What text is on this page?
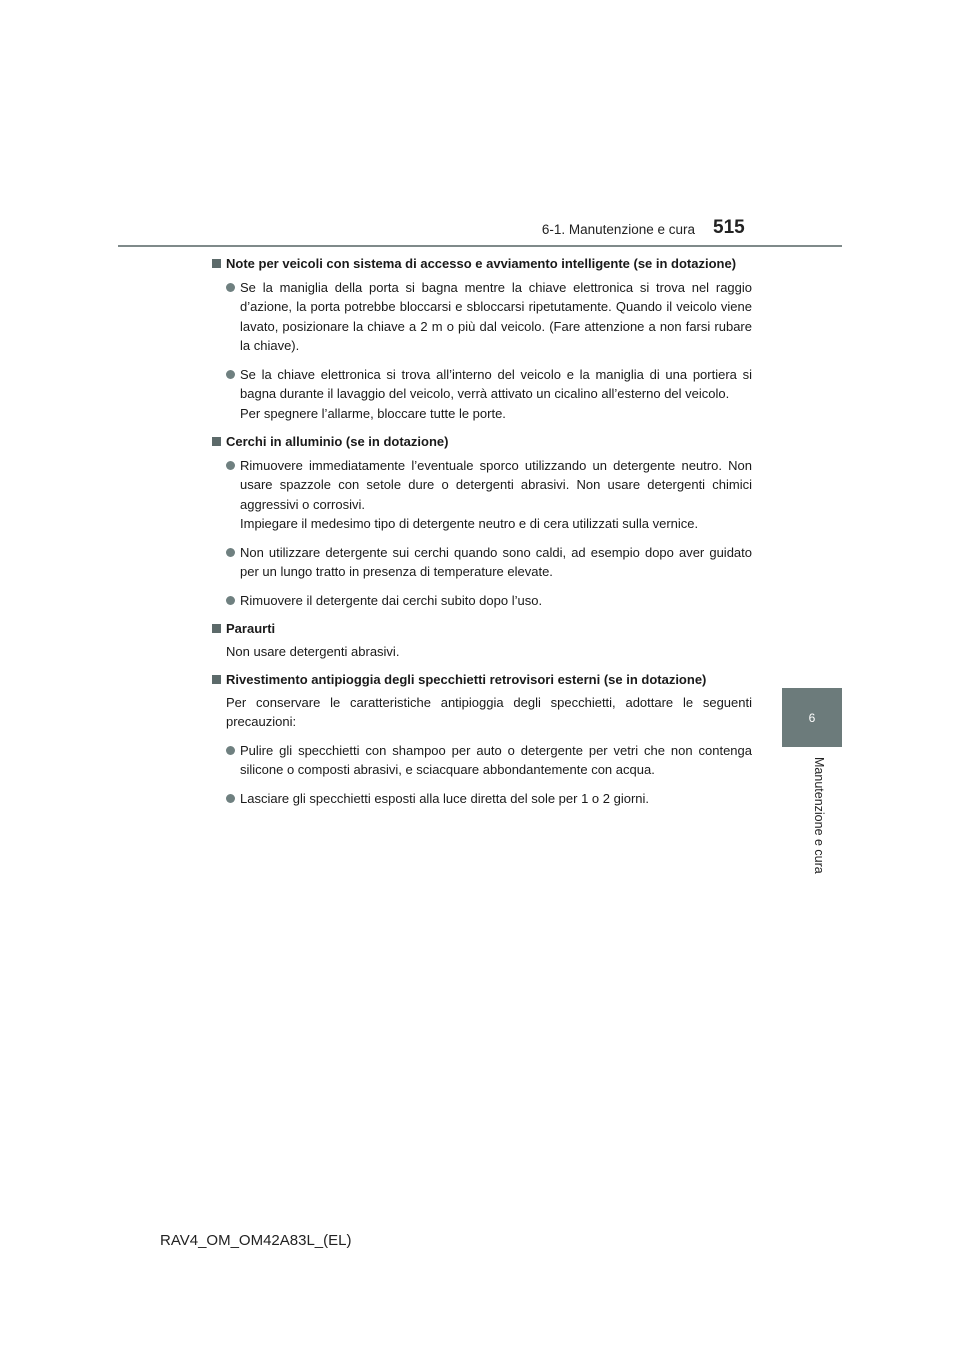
6-1. Manutenzione e cura 515
6
Manutenzione e cura
Note per veicoli con sistema di accesso e avviamento intelligente (se in dotazione)
Se la maniglia della porta si bagna mentre la chiave elettronica si trova nel raggio d’azione, la porta potrebbe bloccarsi e sbloccarsi ripetutamente. Quando il veicolo viene lavato, posizionare la chiave a 2 m o più dal veicolo. (Fare attenzione a non farsi rubare la chiave).
Se la chiave elettronica si trova all’interno del veicolo e la maniglia di una portiera si bagna durante il lavaggio del veicolo, verrà attivato un cicalino all’esterno del veicolo.
Per spegnere l’allarme, bloccare tutte le porte.
Cerchi in alluminio (se in dotazione)
Rimuovere immediatamente l’eventuale sporco utilizzando un detergente neutro. Non usare spazzole con setole dure o detergenti abrasivi. Non usare detergenti chimici aggressivi o corrosivi.
Impiegare il medesimo tipo di detergente neutro e di cera utilizzati sulla vernice.
Non utilizzare detergente sui cerchi quando sono caldi, ad esempio dopo aver guidato per un lungo tratto in presenza di temperature elevate.
Rimuovere il detergente dai cerchi subito dopo l’uso.
Paraurti
Non usare detergenti abrasivi.
Rivestimento antipioggia degli specchietti retrovisori esterni (se in dotazione)
Per conservare le caratteristiche antipioggia degli specchietti, adottare le seguenti precauzioni:
Pulire gli specchietti con shampoo per auto o detergente per vetri che non contenga silicone o composti abrasivi, e sciacquare abbondantemente con acqua.
Lasciare gli specchietti esposti alla luce diretta del sole per 1 o 2 giorni.
RAV4_OM_OM42A83L_(EL)
